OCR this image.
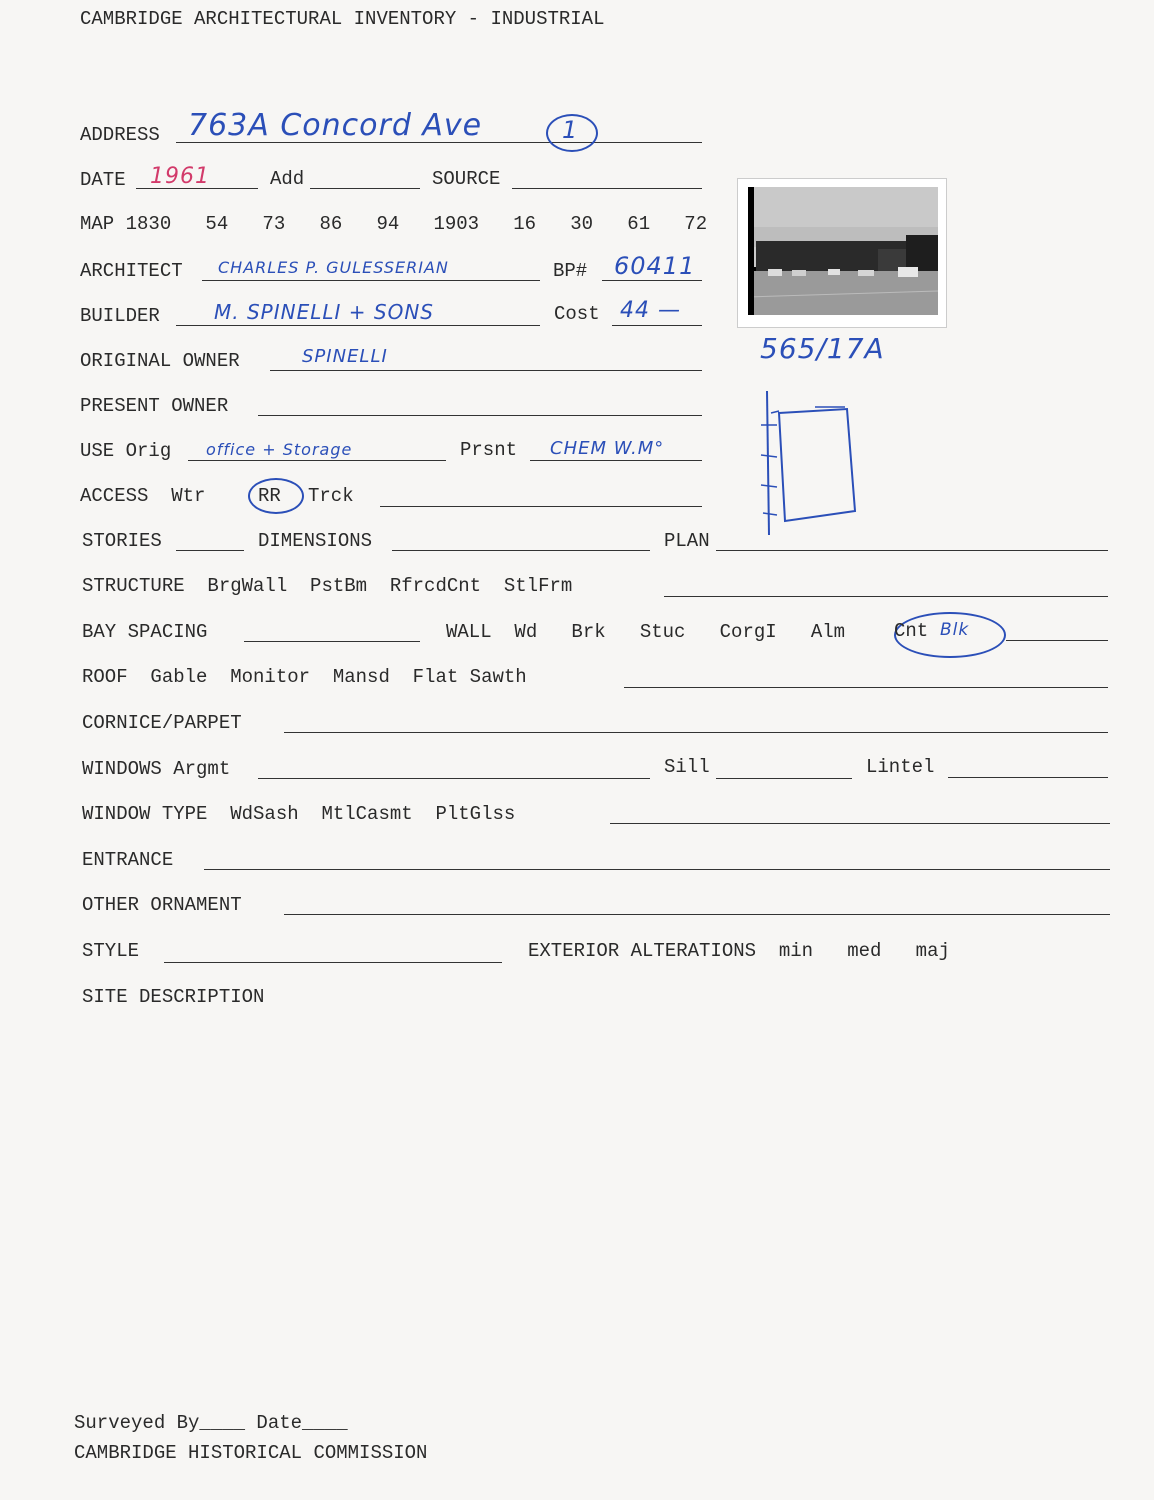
CAMBRIDGE ARCHITECTURAL INVENTORY - INDUSTRIAL
ADDRESS 763A Concord Ave	1
DATE 1961	Add	SOURCE
MAP 1830   54   73   86   94   1903   16   30   61   72
ARCHITECT CHARLES P. GULESSERIAN	BP# 60411
BUILDER	M. SPINELLI + SONS	Cost 44 —
ORIGINAL OWNER	SPINELLI
PRESENT OWNER
USE Orig office + Storage	Prsnt CHEM W.M°
ACCESS  Wtr	RR Trck
STORIES	DIMENSIONS	PLAN
STRUCTURE  BrgWall  PstBm  RfrcdCnt  StlFrm
BAY SPACING	WALL  Wd   Brk   Stuc   CorgI   Alm	Cnt Blk
ROOF  Gable  Monitor  Mansd  Flat Sawth
CORNICE/PARPET
WINDOWS Argmt	Sill	Lintel
WINDOW TYPE  WdSash  MtlCasmt  PltGlss
ENTRANCE
OTHER ORNAMENT
STYLE	EXTERIOR ALTERATIONS  min   med   maj
SITE DESCRIPTION
565/17A
Surveyed By____ Date____
CAMBRIDGE HISTORICAL COMMISSION
